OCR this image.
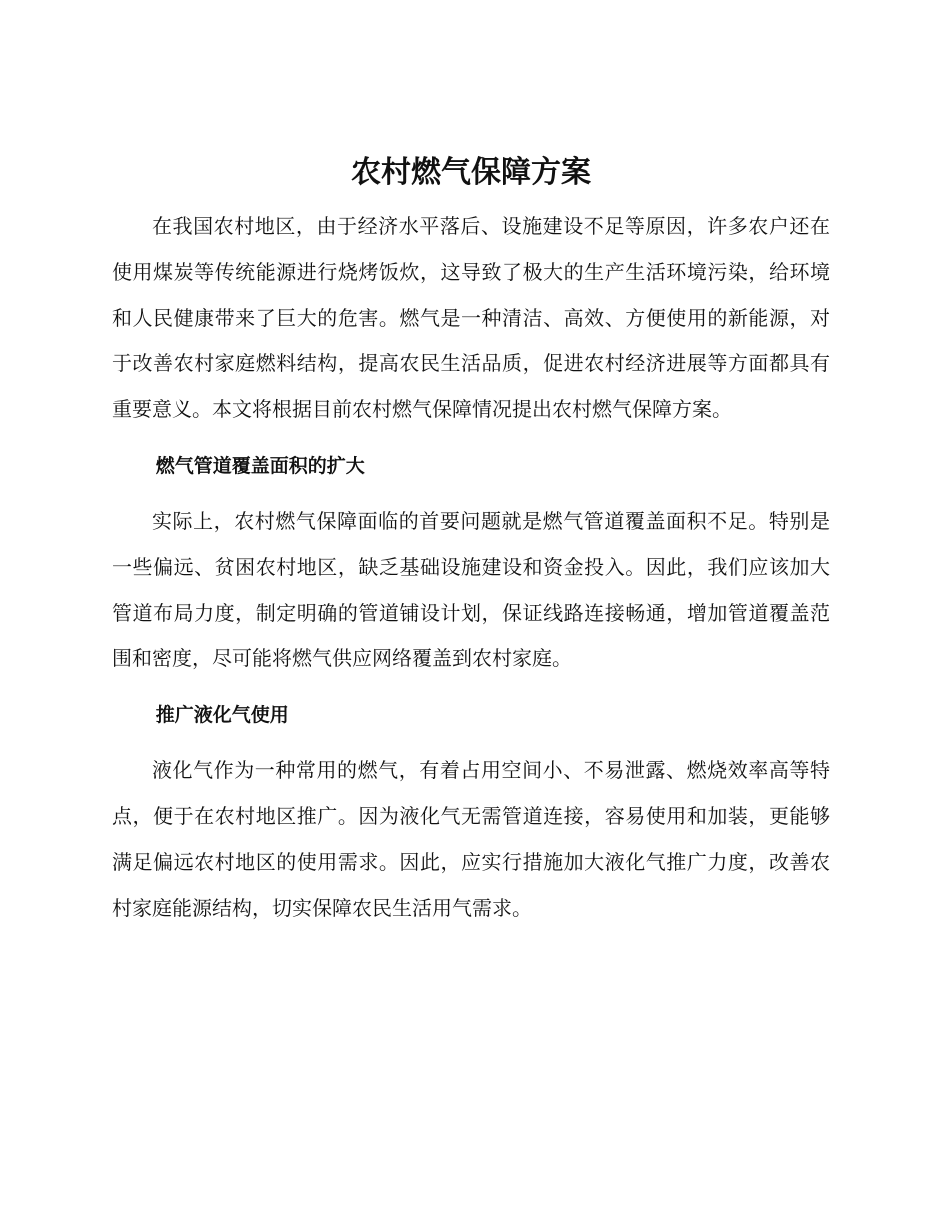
农村燃气保障方案

在我国农村地区，由于经济水平落后、设施建设不足等原因，许多农户还在使用煤炭等传统能源进行烧烤饭炊，这导致了极大的生产生活环境污染，给环境和人民健康带来了巨大的危害。燃气是一种清洁、高效、方便使用的新能源，对于改善农村家庭燃料结构，提高农民生活品质，促进农村经济进展等方面都具有重要意义。本文将根据目前农村燃气保障情况提出农村燃气保障方案。

燃气管道覆盖面积的扩大

实际上，农村燃气保障面临的首要问题就是燃气管道覆盖面积不足。特别是一些偏远、贫困农村地区，缺乏基础设施建设和资金投入。因此，我们应该加大管道布局力度，制定明确的管道铺设计划，保证线路连接畅通，增加管道覆盖范围和密度，尽可能将燃气供应网络覆盖到农村家庭。

推广液化气使用

液化气作为一种常用的燃气，有着占用空间小、不易泄露、燃烧效率高等特点，便于在农村地区推广。因为液化气无需管道连接，容易使用和加装，更能够满足偏远农村地区的使用需求。因此，应实行措施加大液化气推广力度，改善农村家庭能源结构，切实保障农民生活用气需求。
